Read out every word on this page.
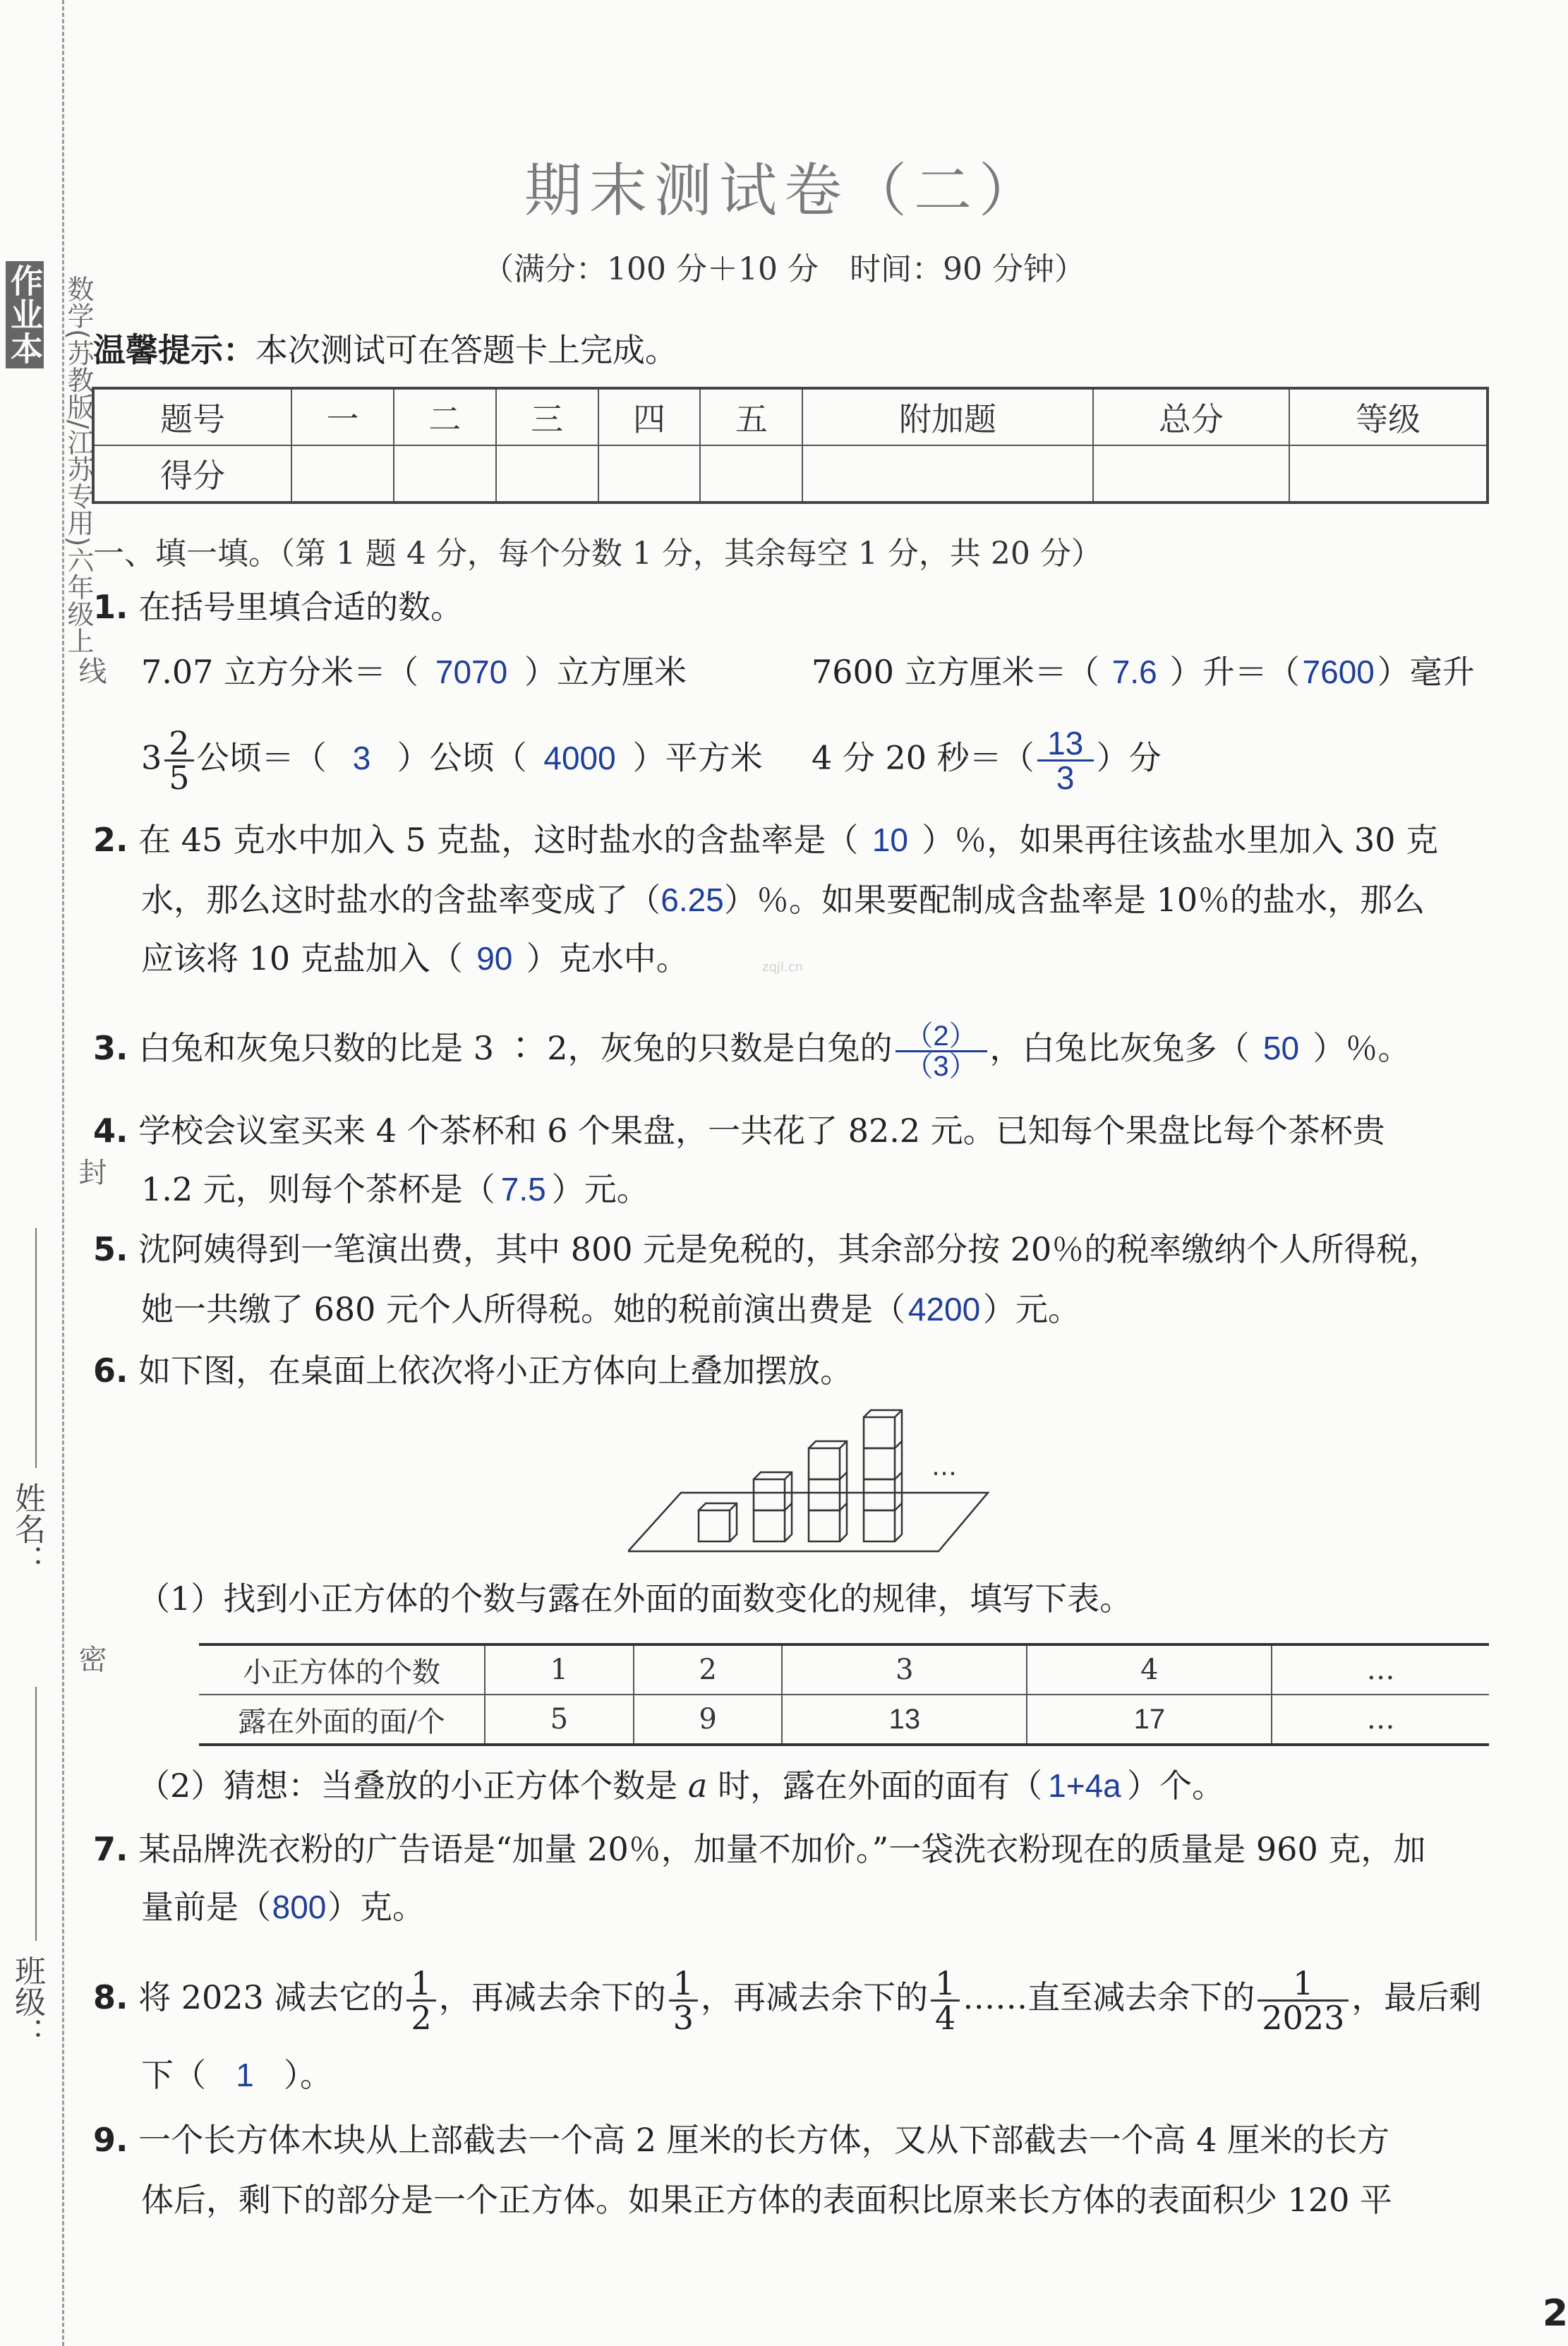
作业本 数学(苏教版/江苏专用)六年级上
线
封
密
姓名：
班级：
期末测试卷（二）
（满分：100 分＋10 分　时间：90 分钟）
温馨提示：本次测试可在答题卡上完成。
题号	一	二	三	四	五	附加题	总分	等级
得分								
一、填一填。（第 1 题 4 分，每个分数 1 分，其余每空 1 分，共 20 分）
1. 在括号里填合适的数。
7.07 立方分米＝（ 7070 ）立方厘米	7600 立方厘米＝（ 7.6 ）升＝（7600）毫升
$3 \frac{2}{5}$ 公顷＝（ 3 ）公顷（ 4000 ）平方米 4 分 20 秒＝（ $\frac{13}{3}$ ）分
2. 在 45 克水中加入 5 克盐，这时盐水的含盐率是（ 10 ）％，如果再往该盐水里加入 30 克
水，那么这时盐水的含盐率变成了（6.25）％。如果要配制成含盐率是 10％的盐水，那么
应该将 10 克盐加入（ 90 ）克水中。	zqjl.cn
3. 白兔和灰兔只数的比是 3 ∶ 2，灰兔的只数是白兔的 $\frac{(2)}{(3)}$ ，白兔比灰兔多（ 50 ）％。
4. 学校会议室买来 4 个茶杯和 6 个果盘，一共花了 82.2 元。已知每个果盘比每个茶杯贵
1.2 元，则每个茶杯是（ 7.5 ）元。
5. 沈阿姨得到一笔演出费，其中 800 元是免税的，其余部分按 20％的税率缴纳个人所得税，
她一共缴了 680 元个人所得税。她的税前演出费是（4200）元。
6. 如下图，在桌面上依次将小正方体向上叠加摆放。
…
（1）找到小正方体的个数与露在外面的面数变化的规律，填写下表。
小正方体的个数	1	2	3	4	…
露在外面的面/个	5	9	13	17	…
（2）猜想：当叠放的小正方体个数是 a 时，露在外面的面有（ 1+4a ）个。
7. 某品牌洗衣粉的广告语是“加量 20％，加量不加价。”一袋洗衣粉现在的质量是 960 克，加
量前是（800）克。
8. 将 2023 减去它的 $\frac{1}{2}$ ，再减去余下的 $\frac{1}{3}$ ，再减去余下的 $\frac{1}{4}$ ……直至减去余下的 $\frac{1}{2023}$ ，最后剩
下（ 1 ）。
9. 一个长方体木块从上部截去一个高 2 厘米的长方体，又从下部截去一个高 4 厘米的长方
体后，剩下的部分是一个正方体。如果正方体的表面积比原来长方体的表面积少 120 平
2
